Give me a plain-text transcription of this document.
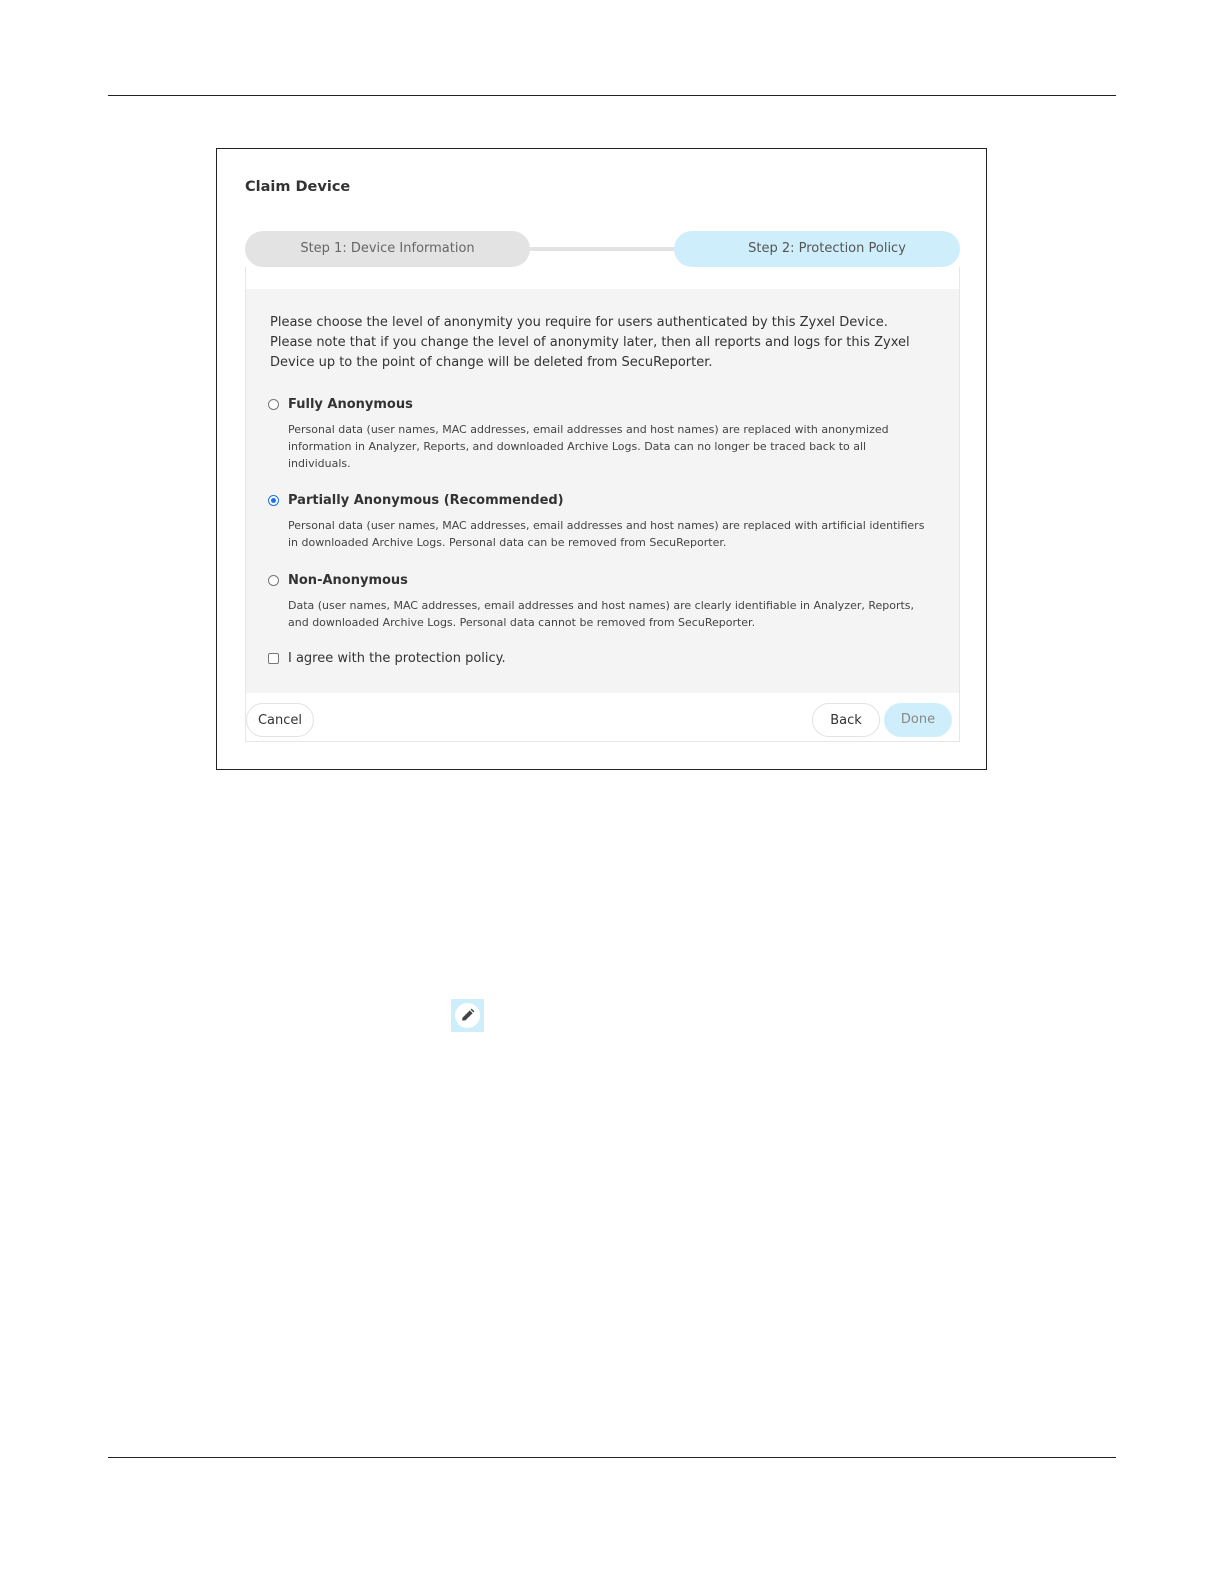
Claim Device
Step 1: Device Information	Step 2: Protection Policy
Please choose the level of anonymity you require for users authenticated by this Zyxel Device. Please note that if you change the level of anonymity later, then all reports and logs for this Zyxel Device up to the point of change will be deleted from SecuReporter.
Fully Anonymous
Personal data (user names, MAC addresses, email addresses and host names) are replaced with anonymized information in Analyzer, Reports, and downloaded Archive Logs. Data can no longer be traced back to all individuals.
Partially Anonymous (Recommended)
Personal data (user names, MAC addresses, email addresses and host names) are replaced with artificial identifiers in downloaded Archive Logs. Personal data can be removed from SecuReporter.
Non-Anonymous
Data (user names, MAC addresses, email addresses and host names) are clearly identifiable in Analyzer, Reports, and downloaded Archive Logs. Personal data cannot be removed from SecuReporter.
I agree with the protection policy.
Cancel	Back	Done
